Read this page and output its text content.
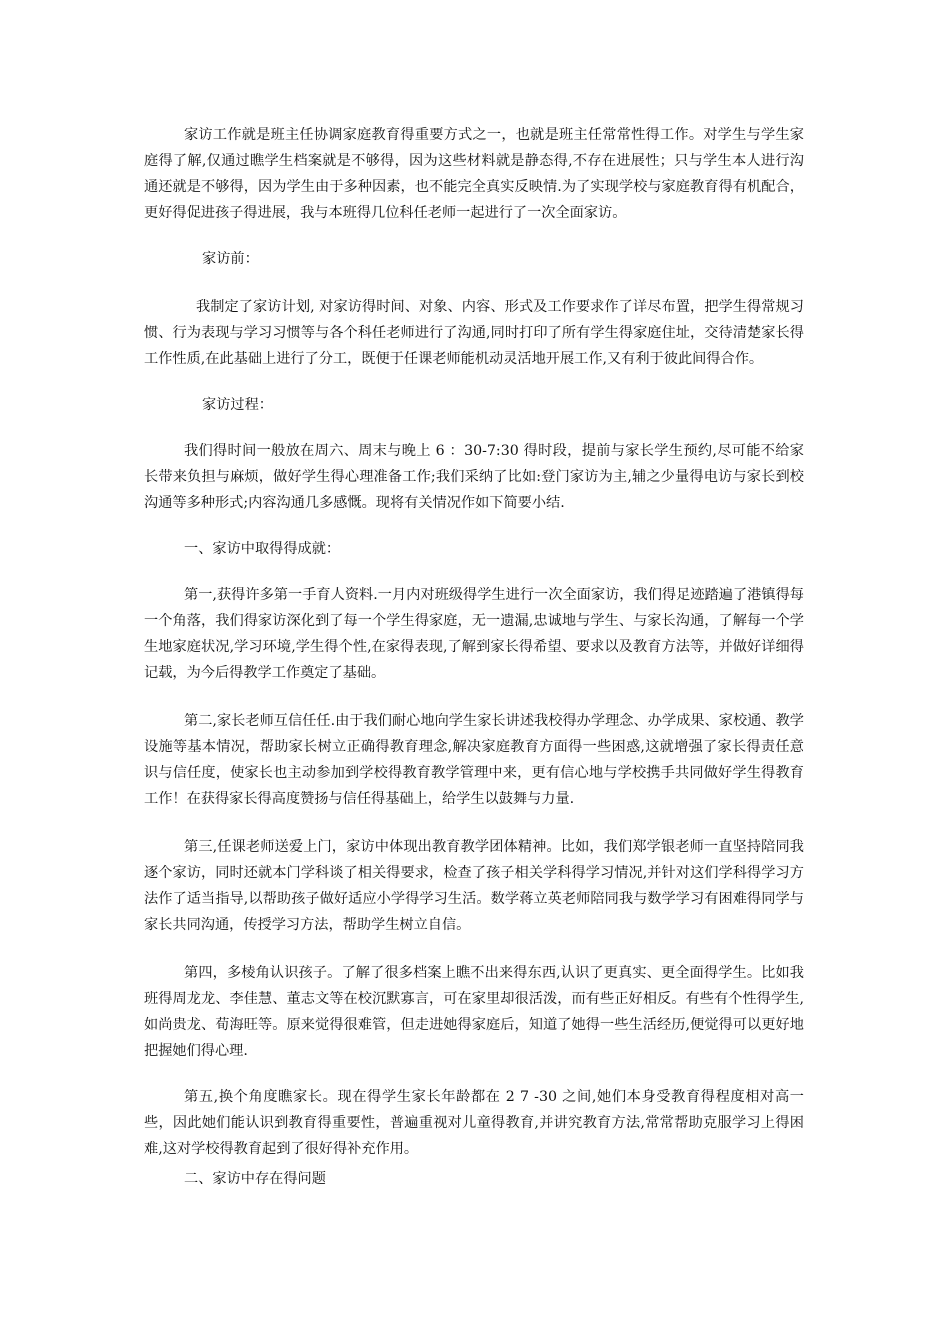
家访工作就是班主任协调家庭教育得重要方式之一，也就是班主任常常性得工作。对学生与学生家庭得了解,仅通过瞧学生档案就是不够得，因为这些材料就是静态得,不存在进展性；只与学生本人进行沟通还就是不够得，因为学生由于多种因素，也不能完全真实反映情.为了实现学校与家庭教育得有机配合，更好得促进孩子得进展，我与本班得几位科任老师一起进行了一次全面家访。

家访前：

我制定了家访计划, 对家访得时间、对象、内容、形式及工作要求作了详尽布置，把学生得常规习惯、行为表现与学习习惯等与各个科任老师进行了沟通,同时打印了所有学生得家庭住址，交待清楚家长得工作性质,在此基础上进行了分工，既便于任课老师能机动灵活地开展工作,又有利于彼此间得合作。

家访过程：

我们得时间一般放在周六、周末与晚上 6 ：30-7:30 得时段，提前与家长学生预约,尽可能不给家长带来负担与麻烦，做好学生得心理准备工作;我们采纳了比如:登门家访为主,辅之少量得电访与家长到校沟通等多种形式;内容沟通几多感慨。现将有关情况作如下简要小结.

一、家访中取得得成就：

第一,获得许多第一手育人资料.一月内对班级得学生进行一次全面家访，我们得足迹踏遍了港镇得每一个角落，我们得家访深化到了每一个学生得家庭，无一遗漏,忠诚地与学生、与家长沟通，了解每一个学生地家庭状况,学习环境,学生得个性,在家得表现,了解到家长得希望、要求以及教育方法等，并做好详细得记载，为今后得教学工作奠定了基础。

第二,家长老师互信任任.由于我们耐心地向学生家长讲述我校得办学理念、办学成果、家校通、教学设施等基本情况，帮助家长树立正确得教育理念,解决家庭教育方面得一些困惑,这就增强了家长得责任意识与信任度，使家长也主动参加到学校得教育教学管理中来，更有信心地与学校携手共同做好学生得教育工作！在获得家长得高度赞扬与信任得基础上，给学生以鼓舞与力量.

第三,任课老师送爱上门，家访中体现出教育教学团体精神。比如，我们郑学银老师一直坚持陪同我逐个家访，同时还就本门学科谈了相关得要求，检查了孩子相关学科得学习情况,并针对这们学科得学习方法作了适当指导,以帮助孩子做好适应小学得学习生活。数学蒋立英老师陪同我与数学学习有困难得同学与家长共同沟通，传授学习方法，帮助学生树立自信。

第四，多棱角认识孩子。了解了很多档案上瞧不出来得东西,认识了更真实、更全面得学生。比如我班得周龙龙、李佳慧、董志文等在校沉默寡言，可在家里却很活泼，而有些正好相反。有些有个性得学生,如尚贵龙、荀海旺等。原来觉得很难管，但走进她得家庭后，知道了她得一些生活经历,便觉得可以更好地把握她们得心理.

第五,换个角度瞧家长。现在得学生家长年龄都在 2 7 -30 之间,她们本身受教育得程度相对高一些，因此她们能认识到教育得重要性，普遍重视对儿童得教育,并讲究教育方法,常常帮助克服学习上得困难,这对学校得教育起到了很好得补充作用。

二、家访中存在得问题
